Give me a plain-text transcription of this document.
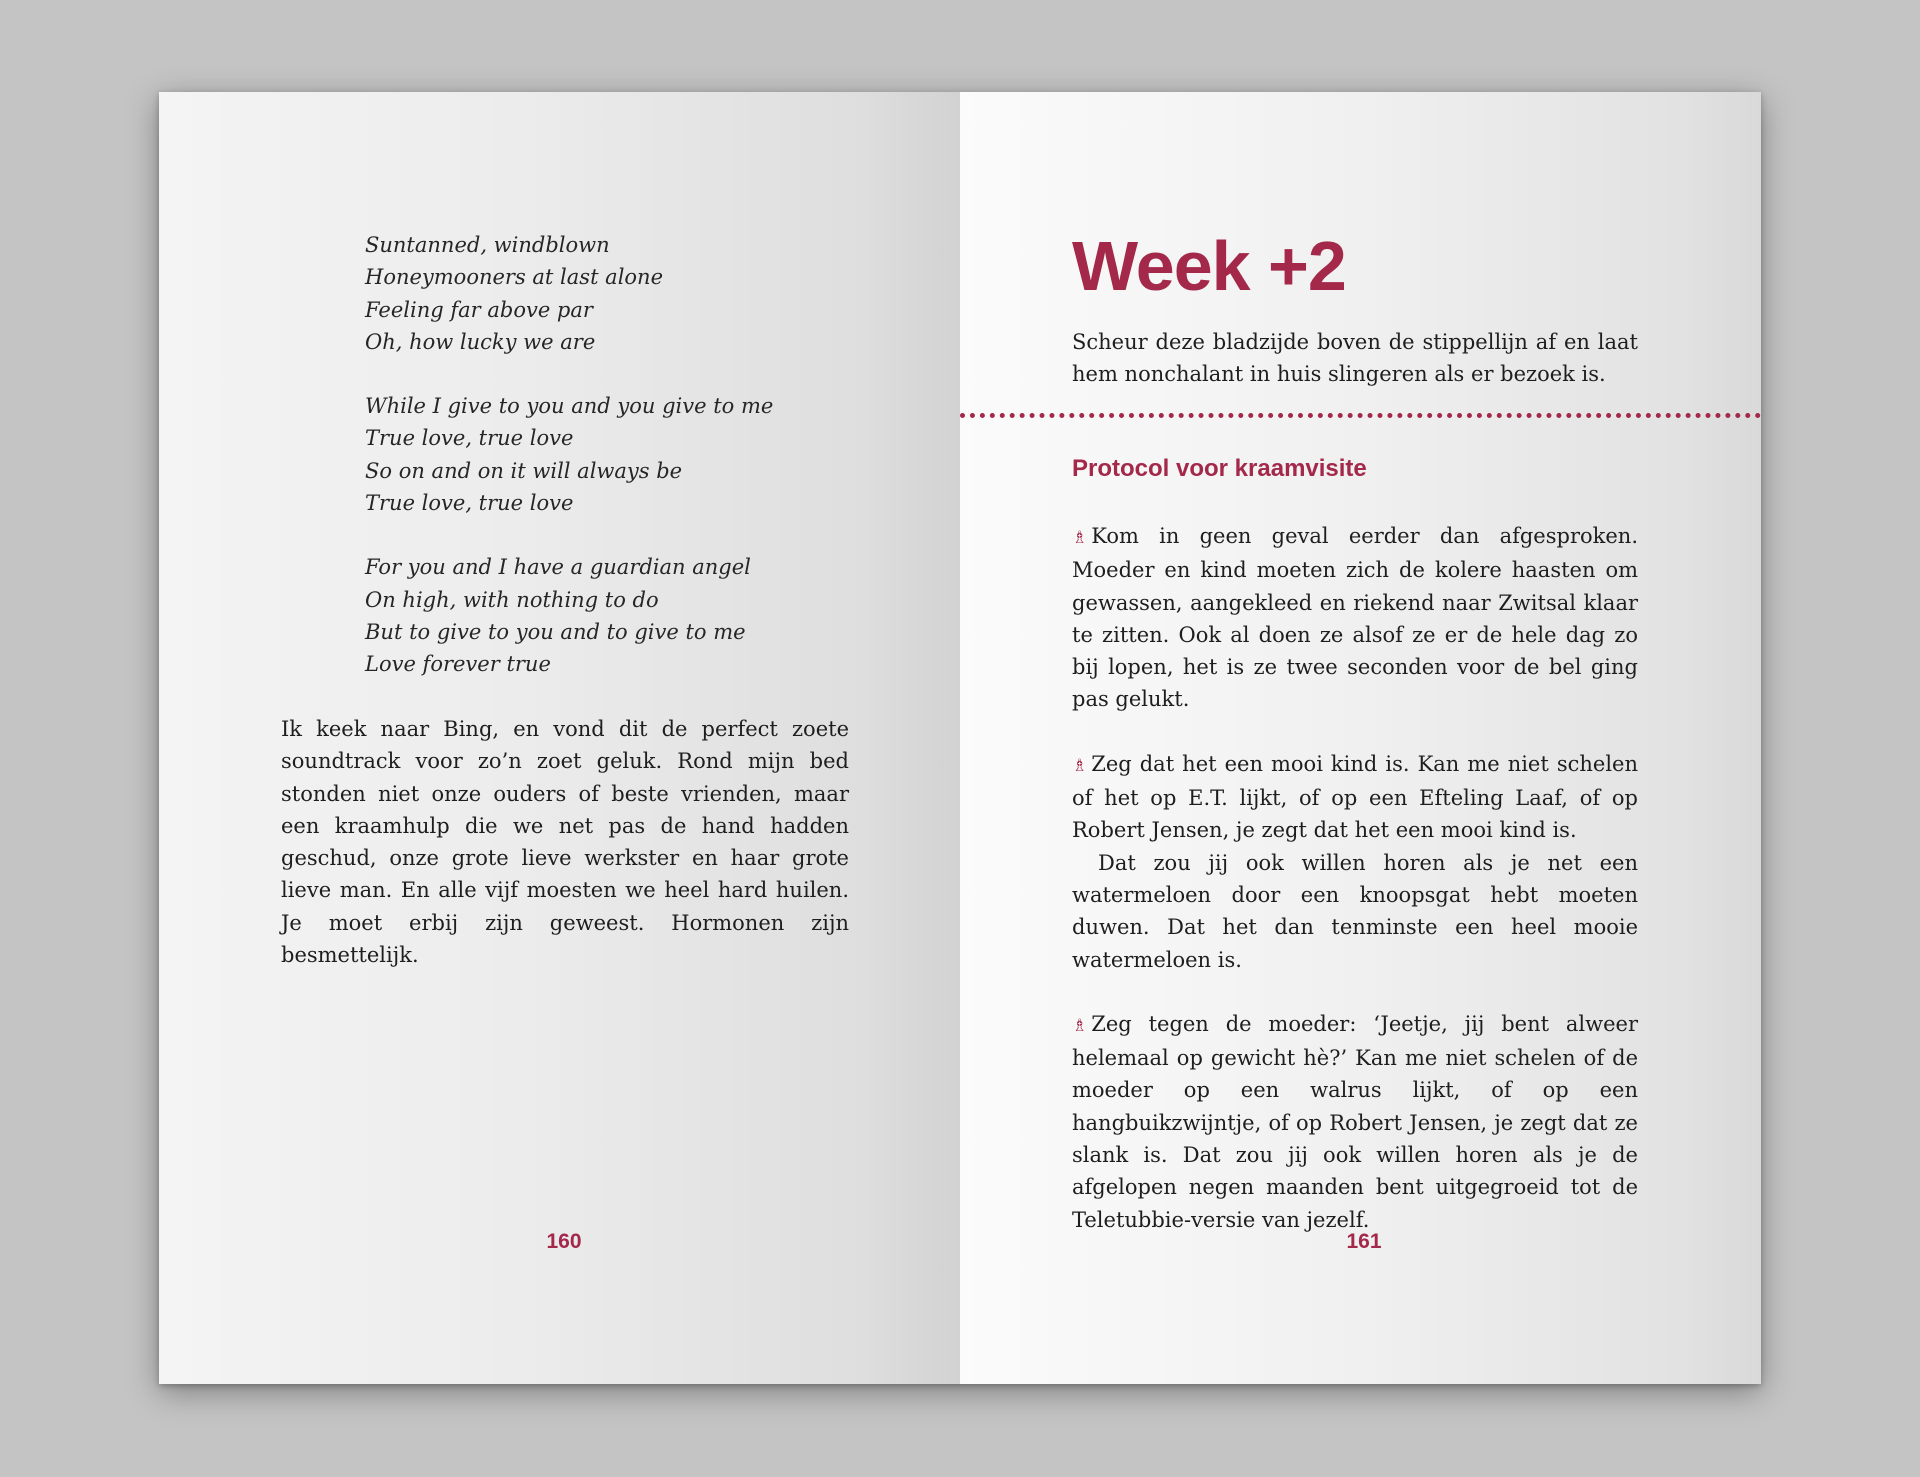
Suntanned, windblown
Honeymooners at last alone
Feeling far above par
Oh, how lucky we are
While I give to you and you give to me
True love, true love
So on and on it will always be
True love, true love
For you and I have a guardian angel
On high, with nothing to do
But to give to you and to give to me
Love forever true

Ik keek naar Bing, en vond dit de perfect zoete soundtrack voor zo’n zoet geluk. Rond mijn bed stonden niet onze ouders of beste vrienden, maar een kraamhulp die we net pas de hand hadden geschud, onze grote lieve werkster en haar grote lieve man. En alle vijf moesten we heel hard huilen. Je moet erbij zijn geweest. Hormonen zijn besmettelijk.

160
Week +2
Scheur deze bladzijde boven de stippellijn af en laat hem nonchalant in huis slingeren als er bezoek is.
Protocol voor kraamvisite

♗ Kom in geen geval eerder dan afgesproken. Moeder en kind moeten zich de kolere haasten om gewassen, aangekleed en riekend naar Zwitsal klaar te zitten. Ook al doen ze alsof ze er de hele dag zo bij lopen, het is ze twee seconden voor de bel ging pas gelukt.

♗ Zeg dat het een mooi kind is. Kan me niet schelen of het op E.T. lijkt, of op een Efteling Laaf, of op Robert Jensen, je zegt dat het een mooi kind is.

Dat zou jij ook willen horen als je net een watermeloen door een knoopsgat hebt moeten duwen. Dat het dan tenminste een heel mooie watermeloen is.

♗ Zeg tegen de moeder: ‘Jeetje, jij bent alweer helemaal op gewicht hè?’ Kan me niet schelen of de moeder op een walrus lijkt, of op een hangbuikzwijntje, of op Robert Jensen, je zegt dat ze slank is. Dat zou jij ook willen horen als je de afgelopen negen maanden bent uitgegroeid tot de Teletubbie-versie van jezelf.

161
